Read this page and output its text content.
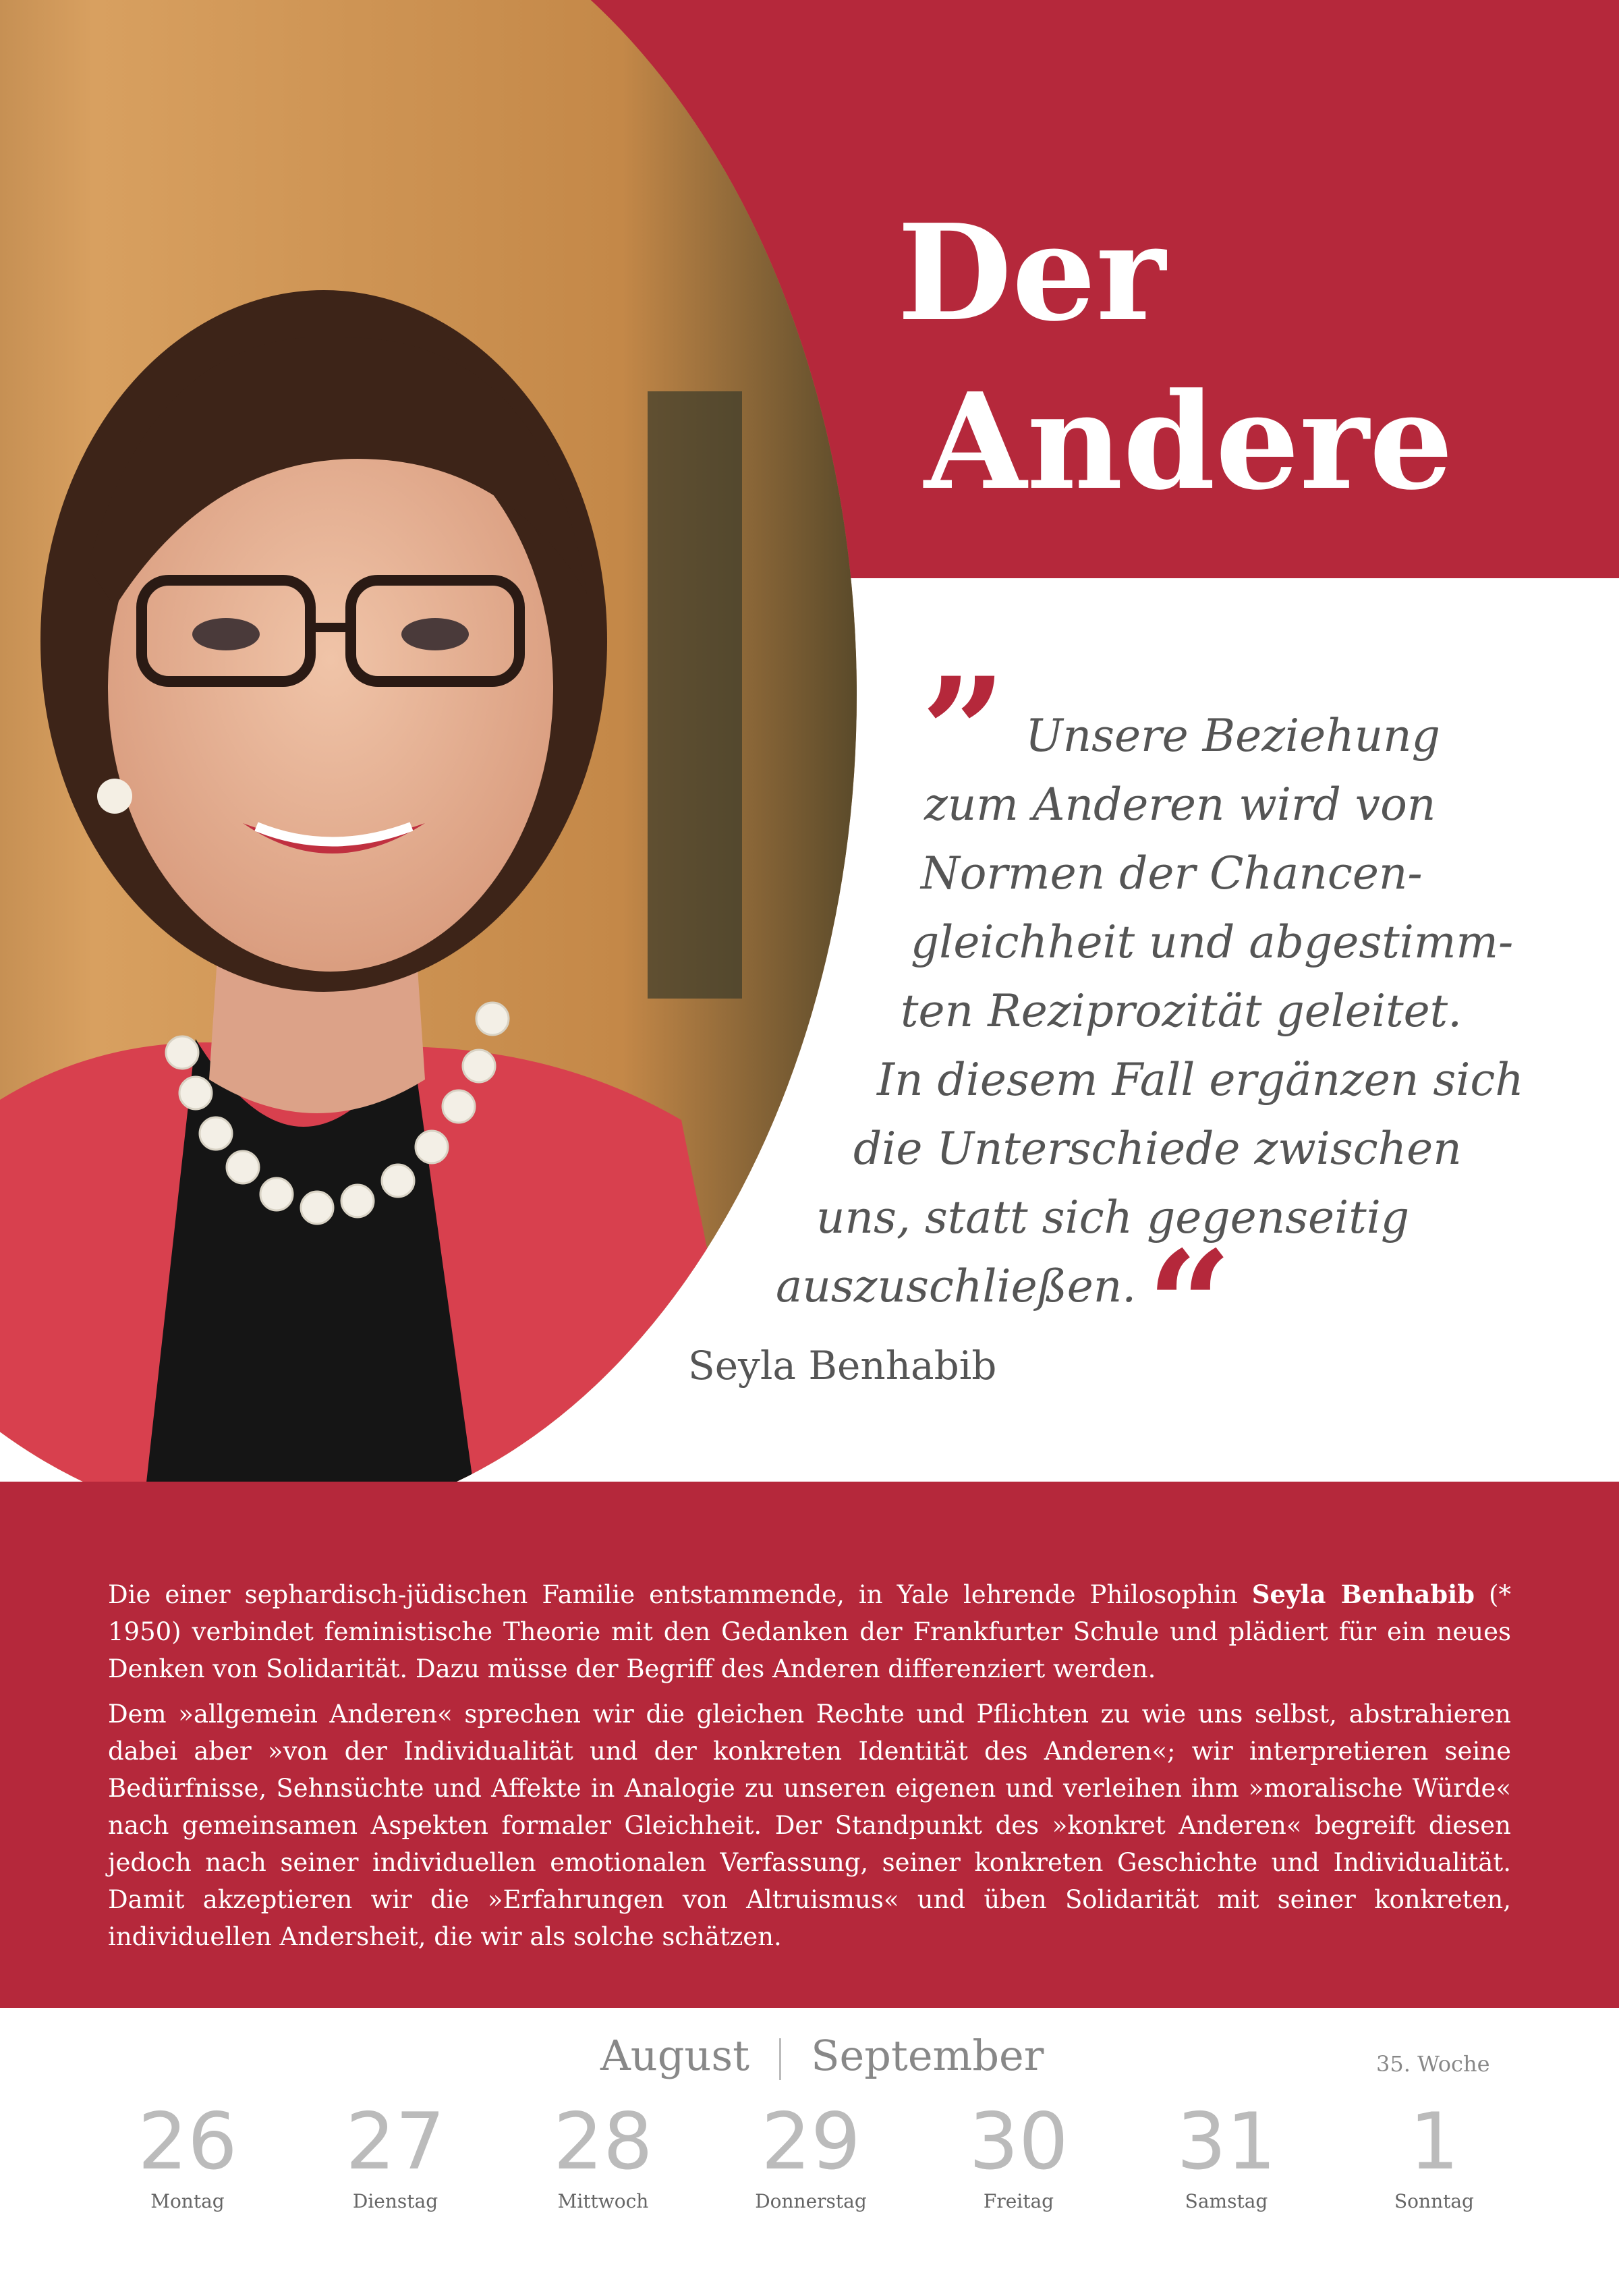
Der
Andere
” Unsere Beziehung
zum Anderen wird von
Normen der Chancen-
gleichheit und abgestimm-
ten Reziprozität geleitet.
In diesem Fall ergänzen sich
die Unterschiede zwischen
uns, statt sich gegenseitig
auszuschließen. “
Seyla Benhabib

Die einer sephardisch-jüdischen Familie entstammende, in Yale lehrende Philosophin Seyla Benhabib (* 1950) verbindet feministische Theorie mit den Gedanken der Frankfurter Schule und plädiert für ein neues Denken von Solidarität. Dazu müsse der Begriff des Anderen differenziert werden.

Dem »allgemein Anderen« sprechen wir die gleichen Rechte und Pflichten zu wie uns selbst, abstrahieren dabei aber »von der Individualität und der konkreten Identität des Anderen«; wir interpretieren seine Bedürfnisse, Sehnsüchte und Affekte in Analogie zu unseren eigenen und verleihen ihm »moralische Würde« nach gemeinsamen Aspekten formaler Gleichheit. Der Standpunkt des »konkret Anderen« begreift diesen jedoch nach seiner individuellen emotionalen Verfassung, seiner konkreten Geschichte und Individualität. Damit akzeptieren wir die »Erfahrungen von Altruismus« und üben Solidarität mit seiner konkreten, individuellen Andersheit, die wir als solche schätzen.

August September	35. Woche
26
Montag
27
Dienstag
28
Mittwoch
29
Donnerstag
30
Freitag
31
Samstag
1
Sonntag
